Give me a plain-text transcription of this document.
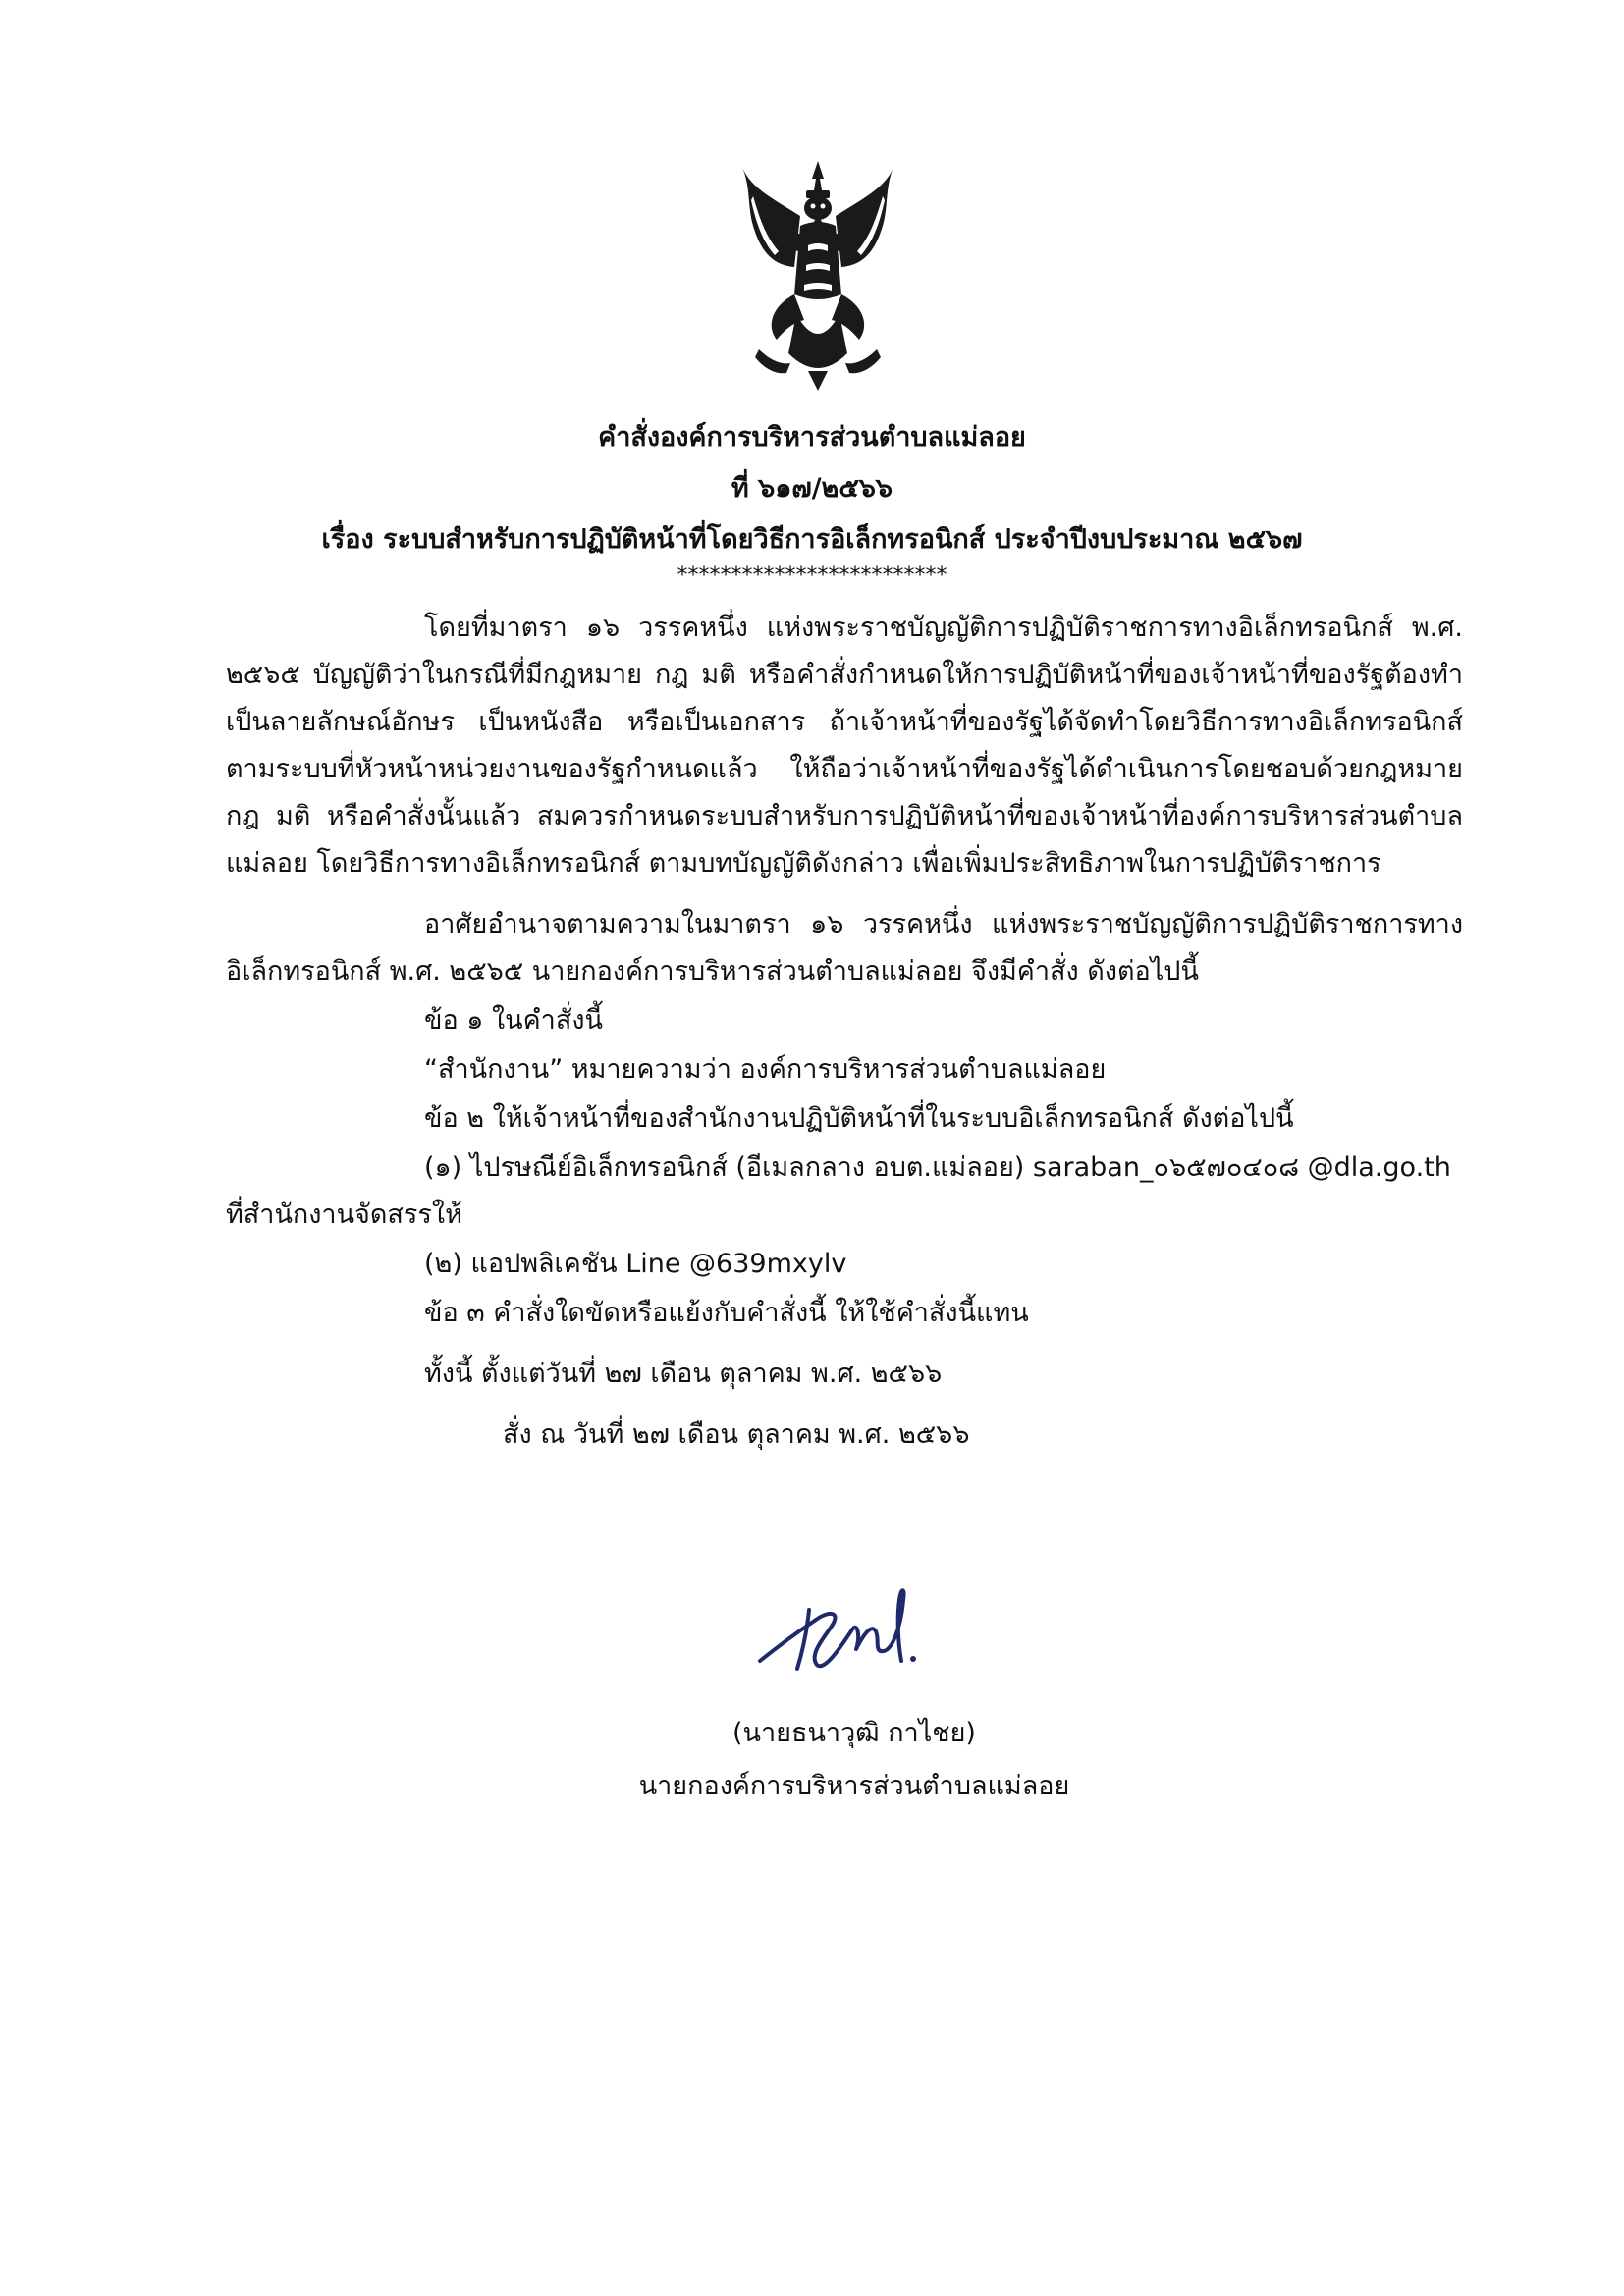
คำสั่งองค์การบริหารส่วนตำบลแม่ลอย
ที่ ๖๑๗/๒๕๖๖
เรื่อง ระบบสำหรับการปฏิบัติหน้าที่โดยวิธีการอิเล็กทรอนิกส์ ประจำปีงบประมาณ ๒๕๖๗
*************************

โดยที่มาตรา ๑๖ วรรคหนึ่ง แห่งพระราชบัญญัติการปฏิบัติราชการทางอิเล็กทรอนิกส์ พ.ศ. ๒๕๖๕ บัญญัติว่าในกรณีที่มีกฎหมาย กฎ มติ หรือคำสั่งกำหนดให้การปฏิบัติหน้าที่ของเจ้าหน้าที่ของรัฐต้องทำเป็นลายลักษณ์อักษร เป็นหนังสือ หรือเป็นเอกสาร ถ้าเจ้าหน้าที่ของรัฐได้จัดทำโดยวิธีการทางอิเล็กทรอนิกส์ตามระบบที่หัวหน้าหน่วยงานของรัฐกำหนดแล้ว ให้ถือว่าเจ้าหน้าที่ของรัฐได้ดำเนินการโดยชอบด้วยกฎหมาย กฎ มติ หรือคำสั่งนั้นแล้ว สมควรกำหนดระบบสำหรับการปฏิบัติหน้าที่ของเจ้าหน้าที่องค์การบริหารส่วนตำบลแม่ลอย โดยวิธีการทางอิเล็กทรอนิกส์ ตามบทบัญญัติดังกล่าว เพื่อเพิ่มประสิทธิภาพในการปฏิบัติราชการ

อาศัยอำนาจตามความในมาตรา ๑๖ วรรคหนึ่ง แห่งพระราชบัญญัติการปฏิบัติราชการทางอิเล็กทรอนิกส์ พ.ศ. ๒๕๖๕ นายกองค์การบริหารส่วนตำบลแม่ลอย จึงมีคำสั่ง ดังต่อไปนี้

ข้อ ๑ ในคำสั่งนี้

“สำนักงาน” หมายความว่า องค์การบริหารส่วนตำบลแม่ลอย

ข้อ ๒ ให้เจ้าหน้าที่ของสำนักงานปฏิบัติหน้าที่ในระบบอิเล็กทรอนิกส์ ดังต่อไปนี้

(๑) ไปรษณีย์อิเล็กทรอนิกส์ (อีเมลกลาง อบต.แม่ลอย) saraban_๐๖๕๗๐๔๐๘ @dla.go.th

ที่สำนักงานจัดสรรให้

(๒) แอปพลิเคชัน Line @639mxylv

ข้อ ๓ คำสั่งใดขัดหรือแย้งกับคำสั่งนี้ ให้ใช้คำสั่งนี้แทน

ทั้งนี้ ตั้งแต่วันที่ ๒๗ เดือน ตุลาคม พ.ศ. ๒๕๖๖

สั่ง ณ วันที่ ๒๗ เดือน ตุลาคม พ.ศ. ๒๕๖๖

(นายธนาวุฒิ กาไชย)
นายกองค์การบริหารส่วนตำบลแม่ลอย
